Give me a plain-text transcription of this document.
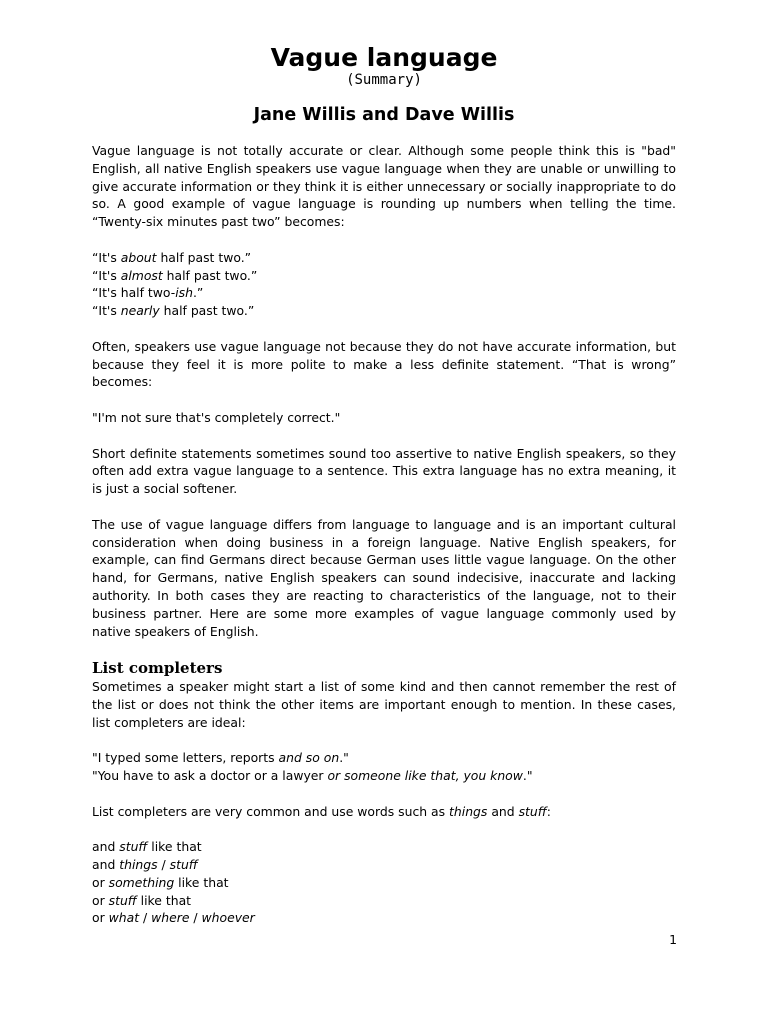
Vague language
(Summary)
Jane Willis and Dave Willis

Vague language is not totally accurate or clear. Although some people think this is "bad" English, all native English speakers use vague language when they are unable or unwilling to give accurate information or they think it is either unnecessary or socially inappropriate to do so. A good example of vague language is rounding up numbers when telling the time. “Twenty-six minutes past two” becomes:

“It's about half past two.”
“It's almost half past two.”
“It's half two-ish.”
“It's nearly half past two.”

Often, speakers use vague language not because they do not have accurate information, but because they feel it is more polite to make a less definite statement. “That is wrong” becomes:

"I'm not sure that's completely correct."

Short definite statements sometimes sound too assertive to native English speakers, so they often add extra vague language to a sentence. This extra language has no extra meaning, it is just a social softener.

The use of vague language differs from language to language and is an important cultural consideration when doing business in a foreign language. Native English speakers, for example, can find Germans direct because German uses little vague language. On the other hand, for Germans, native English speakers can sound indecisive, inaccurate and lacking authority. In both cases they are reacting to characteristics of the language, not to their business partner. Here are some more examples of vague language commonly used by native speakers of English.

List completers

Sometimes a speaker might start a list of some kind and then cannot remember the rest of the list or does not think the other items are important enough to mention. In these cases, list completers are ideal:

"I typed some letters, reports and so on."
"You have to ask a doctor or a lawyer or someone like that, you know."

List completers are very common and use words such as things and stuff:

and stuff like that
and things / stuff
or something like that
or stuff like that
or what / where / whoever

1
